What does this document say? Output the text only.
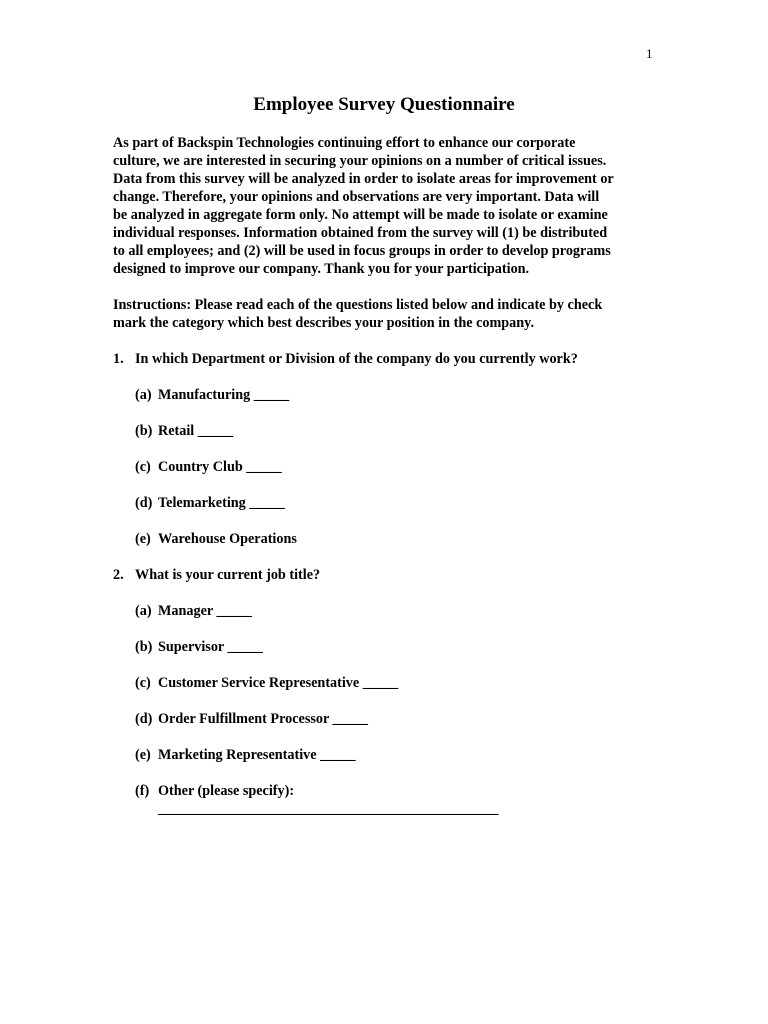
1
Employee Survey Questionnaire

As part of Backspin Technologies continuing effort to enhance our corporate
culture, we are interested in securing your opinions on a number of critical issues.
Data from this survey will be analyzed in order to isolate areas for improvement or
change. Therefore, your opinions and observations are very important. Data will
be analyzed in aggregate form only. No attempt will be made to isolate or examine
individual responses. Information obtained from the survey will (1) be distributed
to all employees; and (2) will be used in focus groups in order to develop programs
designed to improve our company. Thank you for your participation.

Instructions: Please read each of the questions listed below and indicate by check
mark the category which best describes your position in the company.

1. In which Department or Division of the company do you currently work?
(a) Manufacturing _____
(b) Retail _____
(c) Country Club _____
(d) Telemarketing _____
(e) Warehouse Operations
2. What is your current job title?
(a) Manager _____
(b) Supervisor _____
(c) Customer Service Representative _____
(d) Order Fulfillment Processor _____
(e) Marketing Representative _____
(f) Other (please specify):
________________________________________________
